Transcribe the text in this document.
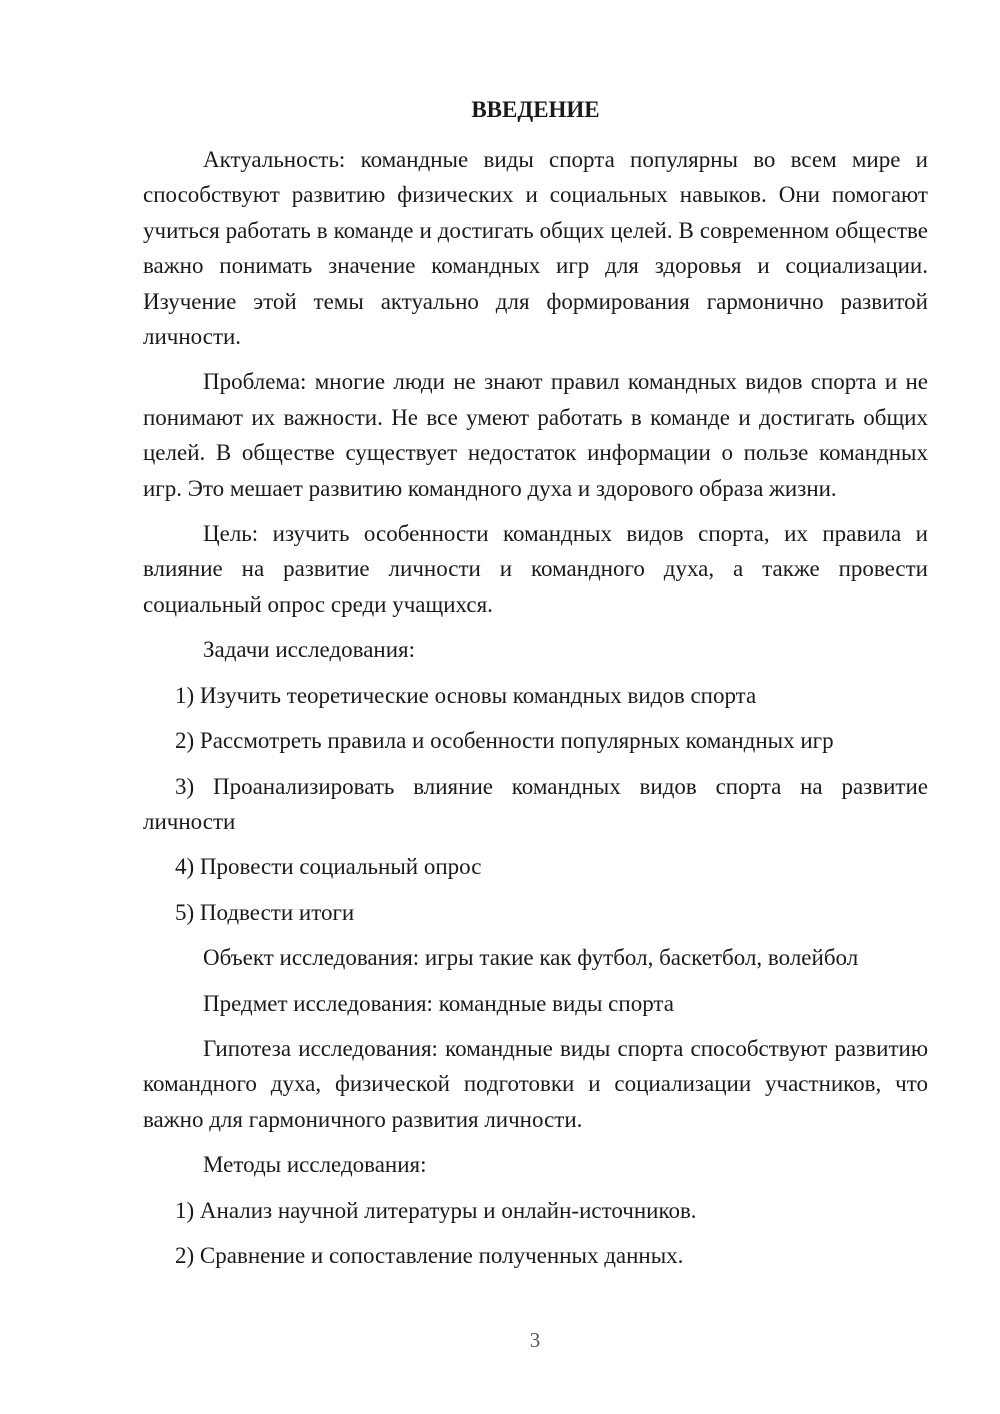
ВВЕДЕНИЕ

Актуальность: командные виды спорта популярны во всем мире и способствуют развитию физических и социальных навыков. Они помогают учиться работать в команде и достигать общих целей. В современном обществе важно понимать значение командных игр для здоровья и социализации. Изучение этой темы актуально для формирования гармонично развитой личности.

Проблема: многие люди не знают правил командных видов спорта и не понимают их важности. Не все умеют работать в команде и достигать общих целей. В обществе существует недостаток информации о пользе командных игр. Это мешает развитию командного духа и здорового образа жизни.

Цель: изучить особенности командных видов спорта, их правила и влияние на развитие личности и командного духа, а также провести социальный опрос среди учащихся.

Задачи исследования:

1) Изучить теоретические основы командных видов спорта

2) Рассмотреть правила и особенности популярных командных игр

3) Проанализировать влияние командных видов спорта на развитие личности

4) Провести социальный опрос

5) Подвести итоги

Объект исследования: игры такие как футбол, баскетбол, волейбол

Предмет исследования: командные виды спорта

Гипотеза исследования: командные виды спорта способствуют развитию командного духа, физической подготовки и социализации участников, что важно для гармоничного развития личности.

Методы исследования:

1) Анализ научной литературы и онлайн-источников.

2) Сравнение и сопоставление полученных данных.

3
